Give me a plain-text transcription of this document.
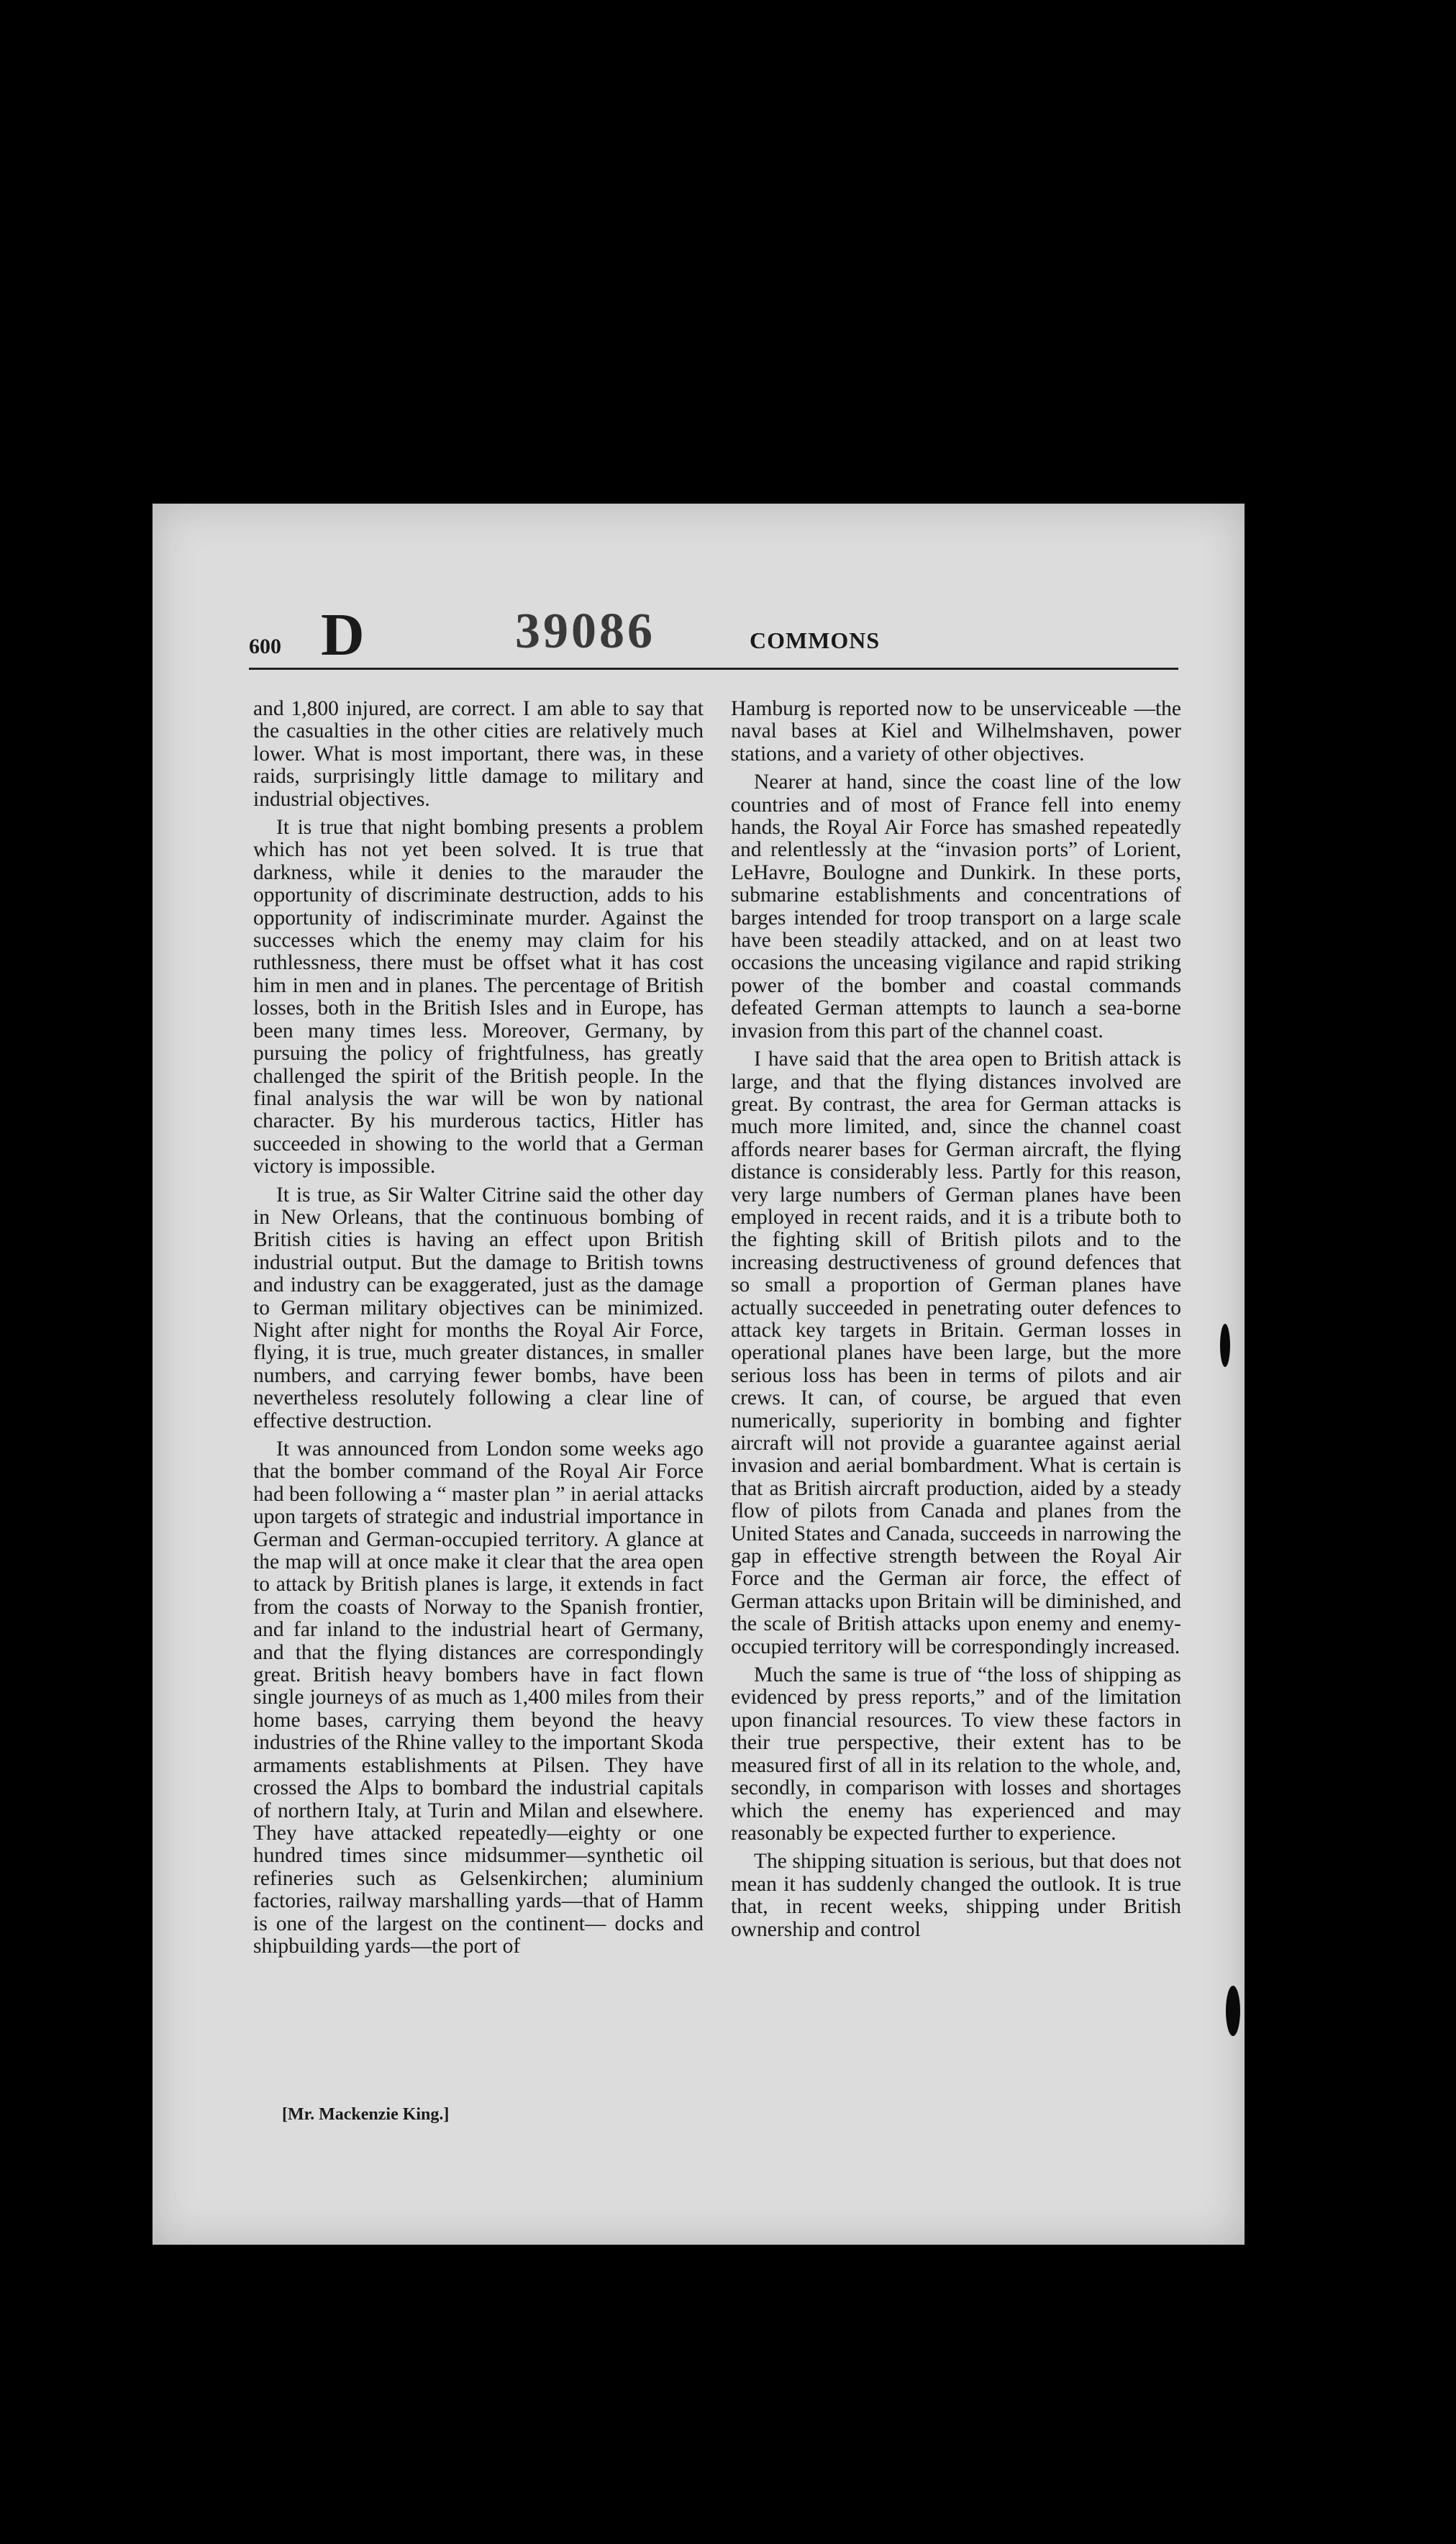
600 D	39086	COMMONS

and 1,800 injured, are correct. I am able to say that the casualties in the other cities are relatively much lower. What is most important, there was, in these raids, surprisingly little damage to military and industrial objectives.

It is true that night bombing presents a problem which has not yet been solved. It is true that darkness, while it denies to the marauder the opportunity of discriminate destruction, adds to his opportunity of indiscriminate murder. Against the successes which the enemy may claim for his ruthlessness, there must be offset what it has cost him in men and in planes. The percentage of British losses, both in the British Isles and in Europe, has been many times less. Moreover, Germany, by pursuing the policy of frightfulness, has greatly challenged the spirit of the British people. In the final analysis the war will be won by national character. By his murderous tactics, Hitler has succeeded in showing to the world that a German victory is impossible.

It is true, as Sir Walter Citrine said the other day in New Orleans, that the continuous bombing of British cities is having an effect upon British industrial output. But the damage to British towns and industry can be exaggerated, just as the damage to German military objectives can be minimized. Night after night for months the Royal Air Force, flying, it is true, much greater distances, in smaller numbers, and carrying fewer bombs, have been nevertheless resolutely following a clear line of effective destruction.

It was announced from London some weeks ago that the bomber command of the Royal Air Force had been following a “ master plan ” in aerial attacks upon targets of strategic and industrial importance in German and German-occupied territory. A glance at the map will at once make it clear that the area open to attack by British planes is large, it extends in fact from the coasts of Norway to the Spanish frontier, and far inland to the industrial heart of Germany, and that the flying distances are correspondingly great. British heavy bombers have in fact flown single journeys of as much as 1,400 miles from their home bases, carrying them beyond the heavy industries of the Rhine valley to the important Skoda armaments establishments at Pilsen. They have crossed the Alps to bombard the industrial capitals of northern Italy, at Turin and Milan and elsewhere. They have attacked repeatedly—eighty or one hundred times since midsummer—synthetic oil refineries such as Gelsenkirchen; aluminium factories, railway marshalling yards—that of Hamm is one of the largest on the continent— docks and shipbuilding yards—the port of

Hamburg is reported now to be unserviceable —the naval bases at Kiel and Wilhelmshaven, power stations, and a variety of other objectives.

Nearer at hand, since the coast line of the low countries and of most of France fell into enemy hands, the Royal Air Force has smashed repeatedly and relentlessly at the “invasion ports” of Lorient, LeHavre, Boulogne and Dunkirk. In these ports, submarine establishments and concentrations of barges intended for troop transport on a large scale have been steadily attacked, and on at least two occasions the unceasing vigilance and rapid striking power of the bomber and coastal commands defeated German attempts to launch a sea-borne invasion from this part of the channel coast.

I have said that the area open to British attack is large, and that the flying distances involved are great. By contrast, the area for German attacks is much more limited, and, since the channel coast affords nearer bases for German aircraft, the flying distance is considerably less. Partly for this reason, very large numbers of German planes have been employed in recent raids, and it is a tribute both to the fighting skill of British pilots and to the increasing destructiveness of ground defences that so small a proportion of German planes have actually succeeded in penetrating outer defences to attack key targets in Britain. German losses in operational planes have been large, but the more serious loss has been in terms of pilots and air crews. It can, of course, be argued that even numerically, superiority in bombing and fighter aircraft will not provide a guarantee against aerial invasion and aerial bombardment. What is certain is that as British aircraft production, aided by a steady flow of pilots from Canada and planes from the United States and Canada, succeeds in narrowing the gap in effective strength between the Royal Air Force and the German air force, the effect of German attacks upon Britain will be diminished, and the scale of British attacks upon enemy and enemy-occupied territory will be correspondingly increased.

Much the same is true of “the loss of shipping as evidenced by press reports,” and of the limitation upon financial resources. To view these factors in their true perspective, their extent has to be measured first of all in its relation to the whole, and, secondly, in comparison with losses and shortages which the enemy has experienced and may reasonably be expected further to experience.

The shipping situation is serious, but that does not mean it has suddenly changed the outlook. It is true that, in recent weeks, shipping under British ownership and control

[Mr. Mackenzie King.]
